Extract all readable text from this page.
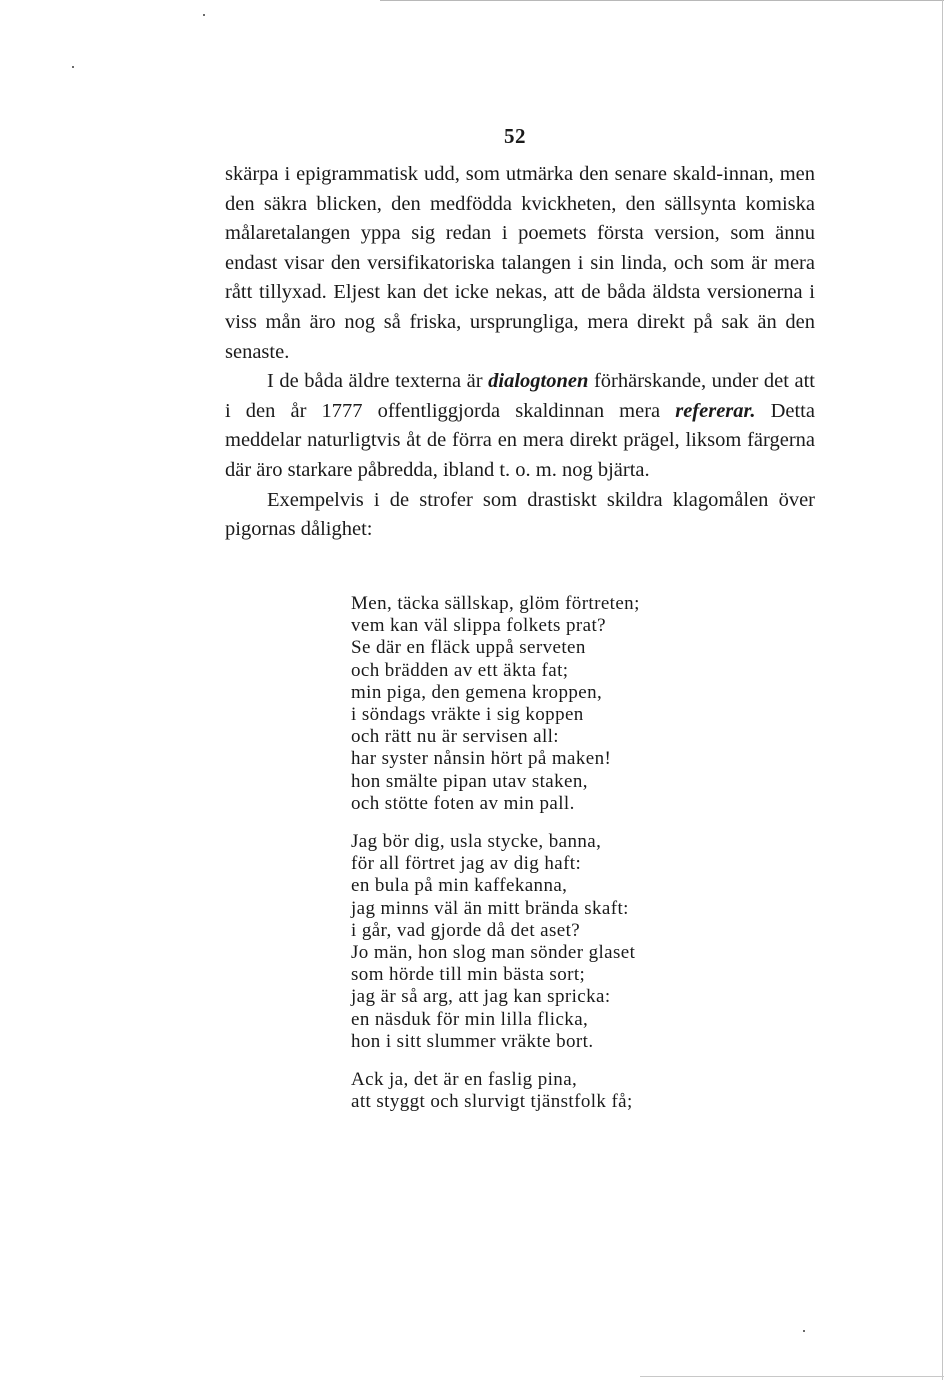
52

skärpa i epigrammatisk udd, som utmärka den senare skald-innan, men den säkra blicken, den medfödda kvickheten, den sällsynta komiska målaretalangen yppa sig redan i poemets första version, som ännu endast visar den versifikatoriska talangen i sin linda, och som är mera rått tillyxad. Eljest kan det icke nekas, att de båda äldsta versionerna i viss mån äro nog så friska, ursprungliga, mera direkt på sak än den senaste.

I de båda äldre texterna är dialogtonen förhärskande, under det att i den år 1777 offentliggjorda skaldinnan mera refererar. Detta meddelar naturligtvis åt de förra en mera direkt prägel, liksom färgerna där äro starkare påbredda, ibland t. o. m. nog bjärta.

Exempelvis i de strofer som drastiskt skildra klagomålen över pigornas dålighet:

Men, täcka sällskap, glöm förtreten;
vem kan väl slippa folkets prat?
Se där en fläck uppå serveten
och brädden av ett äkta fat;
min piga, den gemena kroppen,
i söndags vräkte i sig koppen
och rätt nu är servisen all:
har syster nånsin hört på maken!
hon smälte pipan utav staken,
och stötte foten av min pall.
Jag bör dig, usla stycke, banna,
för all förtret jag av dig haft:
en bula på min kaffekanna,
jag minns väl än mitt brända skaft:
i går, vad gjorde då det aset?
Jo män, hon slog man sönder glaset
som hörde till min bästa sort;
jag är så arg, att jag kan spricka:
en näsduk för min lilla flicka,
hon i sitt slummer vräkte bort.
Ack ja, det är en faslig pina,
att styggt och slurvigt tjänstfolk få;
